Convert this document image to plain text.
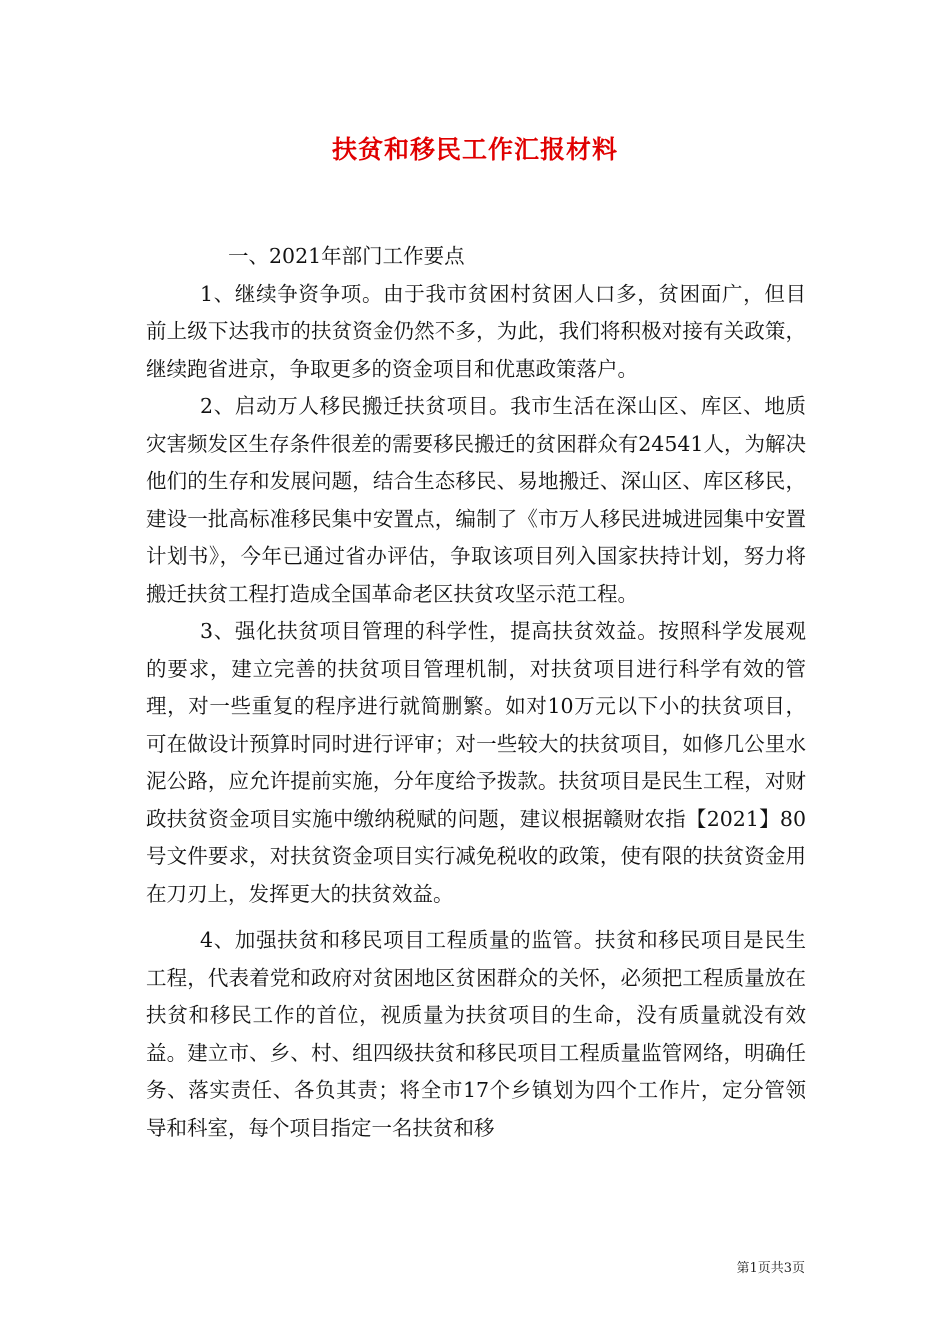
扶贫和移民工作汇报材料

一、2021年部门工作要点

1、继续争资争项。由于我市贫困村贫困人口多，贫困面广，但目前上级下达我市的扶贫资金仍然不多，为此，我们将积极对接有关政策，继续跑省进京，争取更多的资金项目和优惠政策落户。

2、启动万人移民搬迁扶贫项目。我市生活在深山区、库区、地质灾害频发区生存条件很差的需要移民搬迁的贫困群众有24541人，为解决他们的生存和发展问题，结合生态移民、易地搬迁、深山区、库区移民，建设一批高标准移民集中安置点，编制了《市万人移民进城进园集中安置计划书》，今年已通过省办评估，争取该项目列入国家扶持计划，努力将搬迁扶贫工程打造成全国革命老区扶贫攻坚示范工程。

3、强化扶贫项目管理的科学性，提高扶贫效益。按照科学发展观的要求，建立完善的扶贫项目管理机制，对扶贫项目进行科学有效的管理，对一些重复的程序进行就简删繁。如对10万元以下小的扶贫项目，可在做设计预算时同时进行评审；对一些较大的扶贫项目，如修几公里水泥公路，应允许提前实施，分年度给予拨款。扶贫项目是民生工程，对财政扶贫资金项目实施中缴纳税赋的问题，建议根据赣财农指【2021】80号文件要求，对扶贫资金项目实行减免税收的政策，使有限的扶贫资金用在刀刃上，发挥更大的扶贫效益。

4、加强扶贫和移民项目工程质量的监管。扶贫和移民项目是民生工程，代表着党和政府对贫困地区贫困群众的关怀，必须把工程质量放在扶贫和移民工作的首位，视质量为扶贫项目的生命，没有质量就没有效益。建立市、乡、村、组四级扶贫和移民项目工程质量监管网络，明确任务、落实责任、各负其责；将全市17个乡镇划为四个工作片，定分管领导和科室，每个项目指定一名扶贫和移

第1页共3页
